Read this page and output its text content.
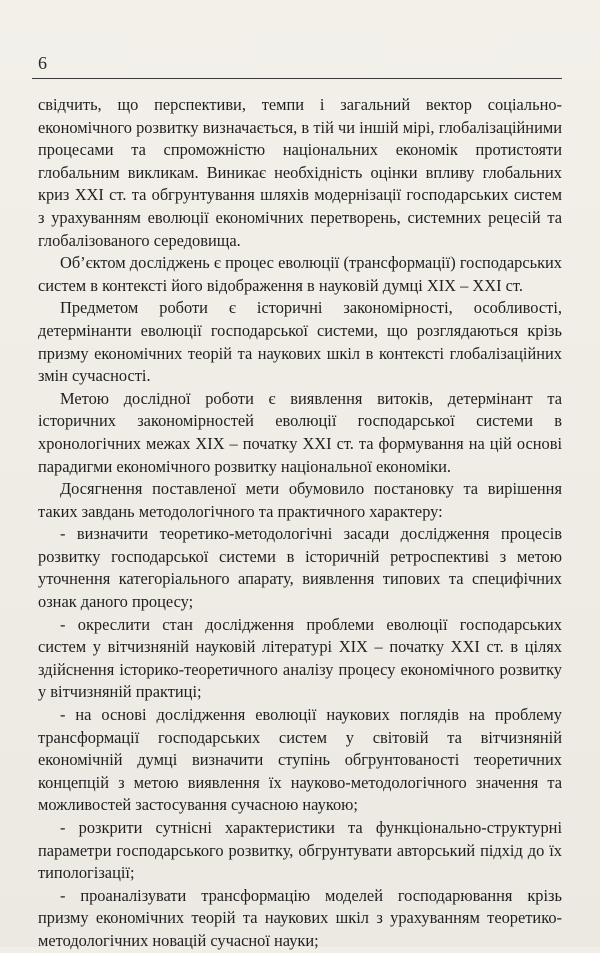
6

свідчить, що перспективи, темпи і загальний вектор соціально-економічного розвитку визначається, в тій чи іншій мірі, глобалізаційними процесами та спроможністю національних економік протистояти глобальним викликам. Виникає необхідність оцінки впливу глобальних криз XXI ст. та обгрунтування шляхів модернізації господарських систем з урахуванням еволюції економічних перетворень, системних рецесій та глобалізованого середовища.

Об’єктом досліджень є процес еволюції (трансформації) господарських систем в контексті його відображення в науковій думці XIX – XXI ст.

Предметом роботи є історичні закономірності, особливості, детермінанти еволюції господарської системи, що розглядаються крізь призму економічних теорій та наукових шкіл в контексті глобалізаційних змін сучасності.

Метою дослідної роботи є виявлення витоків, детермінант та історичних закономірностей еволюції господарської системи в хронологічних межах XIX – початку XXI ст. та формування на цій основі парадигми економічного розвитку національної економіки.

Досягнення поставленої мети обумовило постановку та вирішення таких завдань методологічного та практичного характеру:

- визначити теоретико-методологічні засади дослідження процесів розвитку господарської системи в історичній ретроспективі з метою уточнення категоріального апарату, виявлення типових та специфічних ознак даного процесу;

- окреслити стан дослідження проблеми еволюції господарських систем у вітчизняній науковій літературі XIX – початку XXI ст. в цілях здійснення історико-теоретичного аналізу процесу економічного розвитку у вітчизняній практиці;

- на основі дослідження еволюції наукових поглядів на проблему трансформації господарських систем у світовій та вітчизняній економічній думці визначити ступінь обгрунтованості теоретичних концепцій з метою виявлення їх науково-методологічного значення та можливостей застосування сучасною наукою;

- розкрити сутнісні характеристики та функціонально-структурні параметри господарського розвитку, обгрунтувати авторський підхід до їх типологізації;

- проаналізувати трансформацію моделей господарювання крізь призму економічних теорій та наукових шкіл з урахуванням теоретико-методологічних новацій сучасної науки;
